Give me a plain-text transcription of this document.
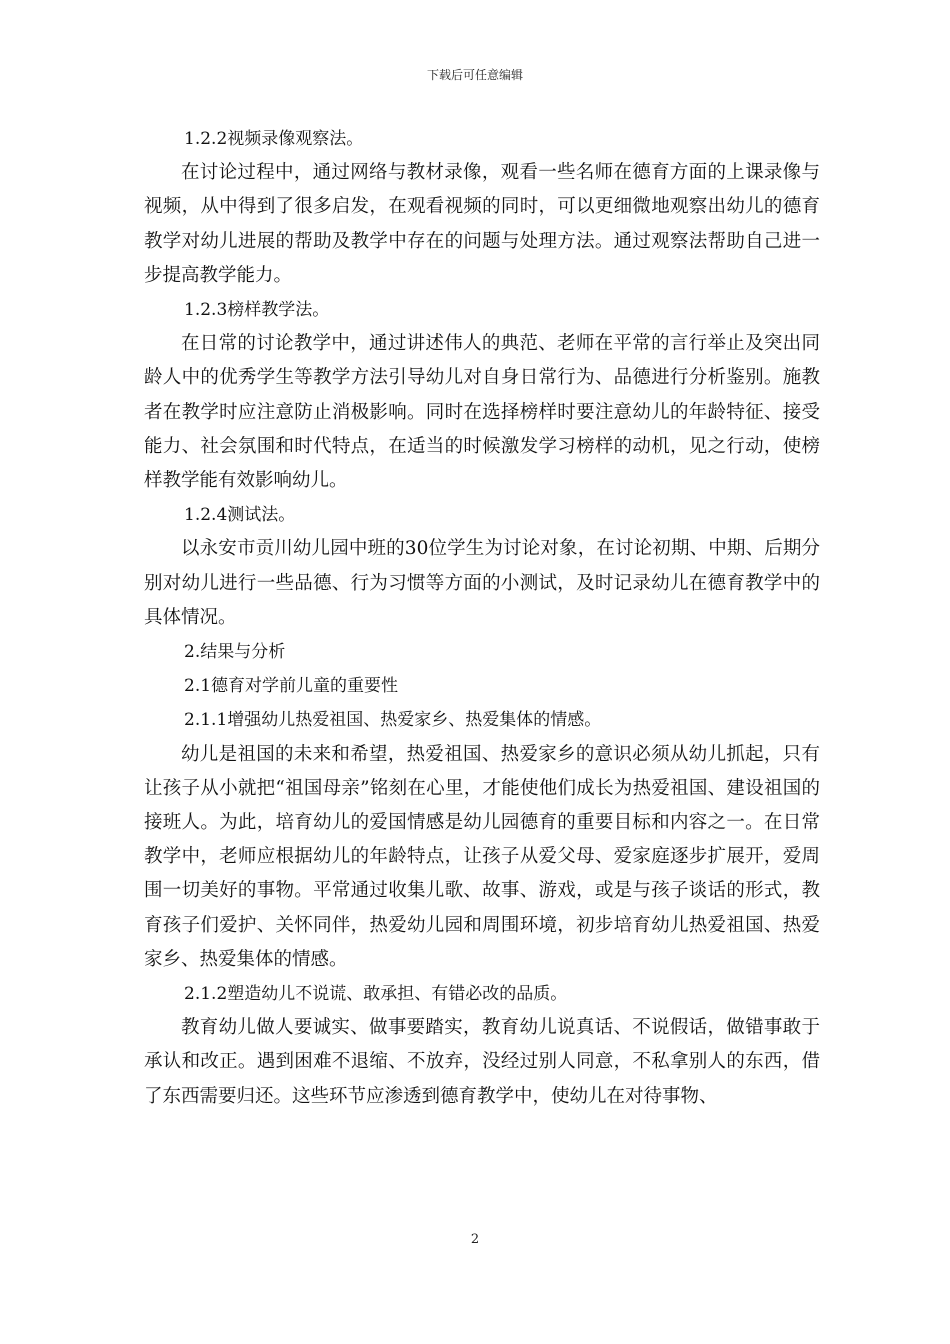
下载后可任意编辑

1.2.2视频录像观察法。

在讨论过程中，通过网络与教材录像，观看一些名师在德育方面的上课录像与视频，从中得到了很多启发，在观看视频的同时，可以更细微地观察出幼儿的德育教学对幼儿进展的帮助及教学中存在的问题与处理方法。通过观察法帮助自己进一步提高教学能力。

1.2.3榜样教学法。

在日常的讨论教学中，通过讲述伟人的典范、老师在平常的言行举止及突出同龄人中的优秀学生等教学方法引导幼儿对自身日常行为、品德进行分析鉴别。施教者在教学时应注意防止消极影响。同时在选择榜样时要注意幼儿的年龄特征、接受能力、社会氛围和时代特点，在适当的时候激发学习榜样的动机，见之行动，使榜样教学能有效影响幼儿。

1.2.4测试法。

以永安市贡川幼儿园中班的30位学生为讨论对象，在讨论初期、中期、后期分别对幼儿进行一些品德、行为习惯等方面的小测试，及时记录幼儿在德育教学中的具体情况。

2.结果与分析

2.1德育对学前儿童的重要性

2.1.1增强幼儿热爱祖国、热爱家乡、热爱集体的情感。

幼儿是祖国的未来和希望，热爱祖国、热爱家乡的意识必须从幼儿抓起，只有让孩子从小就把“祖国母亲”铭刻在心里，才能使他们成长为热爱祖国、建设祖国的接班人。为此，培育幼儿的爱国情感是幼儿园德育的重要目标和内容之一。在日常教学中，老师应根据幼儿的年龄特点，让孩子从爱父母、爱家庭逐步扩展开，爱周围一切美好的事物。平常通过收集儿歌、故事、游戏，或是与孩子谈话的形式，教育孩子们爱护、关怀同伴，热爱幼儿园和周围环境，初步培育幼儿热爱祖国、热爱家乡、热爱集体的情感。

2.1.2塑造幼儿不说谎、敢承担、有错必改的品质。

教育幼儿做人要诚实、做事要踏实，教育幼儿说真话、不说假话，做错事敢于承认和改正。遇到困难不退缩、不放弃，没经过别人同意，不私拿别人的东西，借了东西需要归还。这些环节应渗透到德育教学中，使幼儿在对待事物、

2
